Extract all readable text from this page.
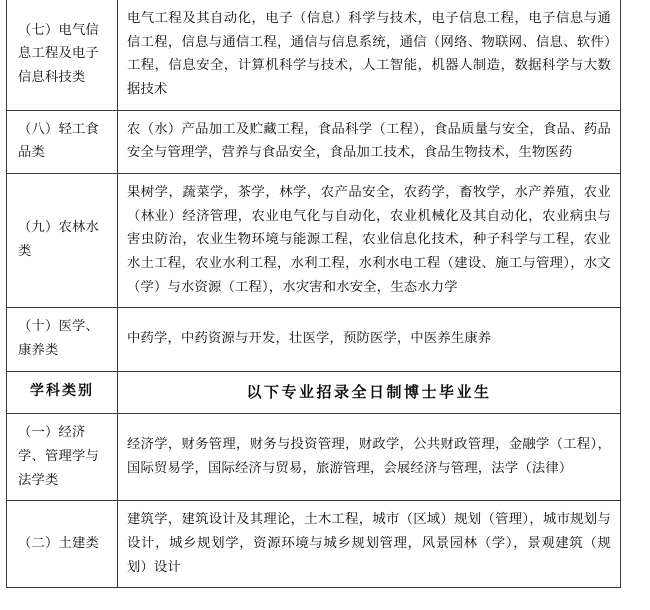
（七）电气信息工程及电子信息科技类	电气工程及其自动化，电子（信息）科学与技术，电子信息工程，电子信息与通信工程，信息与通信工程，通信与信息系统，通信（网络、物联网、信息、软件）工程，信息安全，计算机科学与技术，人工智能，机器人制造，数据科学与大数据技术

（八）轻工食品类	农（水）产品加工及贮藏工程，食品科学（工程），食品质量与安全，食品、药品安全与管理学，营养与食品安全，食品加工技术，食品生物技术，生物医药

（九）农林水类	果树学，蔬菜学，茶学，林学，农产品安全，农药学，畜牧学，水产养殖，农业（林业）经济管理，农业电气化与自动化，农业机械化及其自动化，农业病虫与害虫防治，农业生物环境与能源工程，农业信息化技术，种子科学与工程，农业水土工程，农业水利工程，水利工程，水利水电工程（建设、施工与管理），水文（学）与水资源（工程），水灾害和水安全，生态水力学

（十）医学、康养类	中药学，中药资源与开发，壮医学，预防医学，中医养生康养

学科类别	以下专业招录全日制博士毕业生

（一）经济学、管理学与法学类	经济学，财务管理，财务与投资管理，财政学，公共财政管理，金融学（工程），国际贸易学，国际经济与贸易，旅游管理，会展经济与管理，法学（法律）

（二）土建类	建筑学，建筑设计及其理论，土木工程，城市（区域）规划（管理），城市规划与设计，城乡规划学，资源环境与城乡规划管理，风景园林（学），景观建筑（规划）设计
